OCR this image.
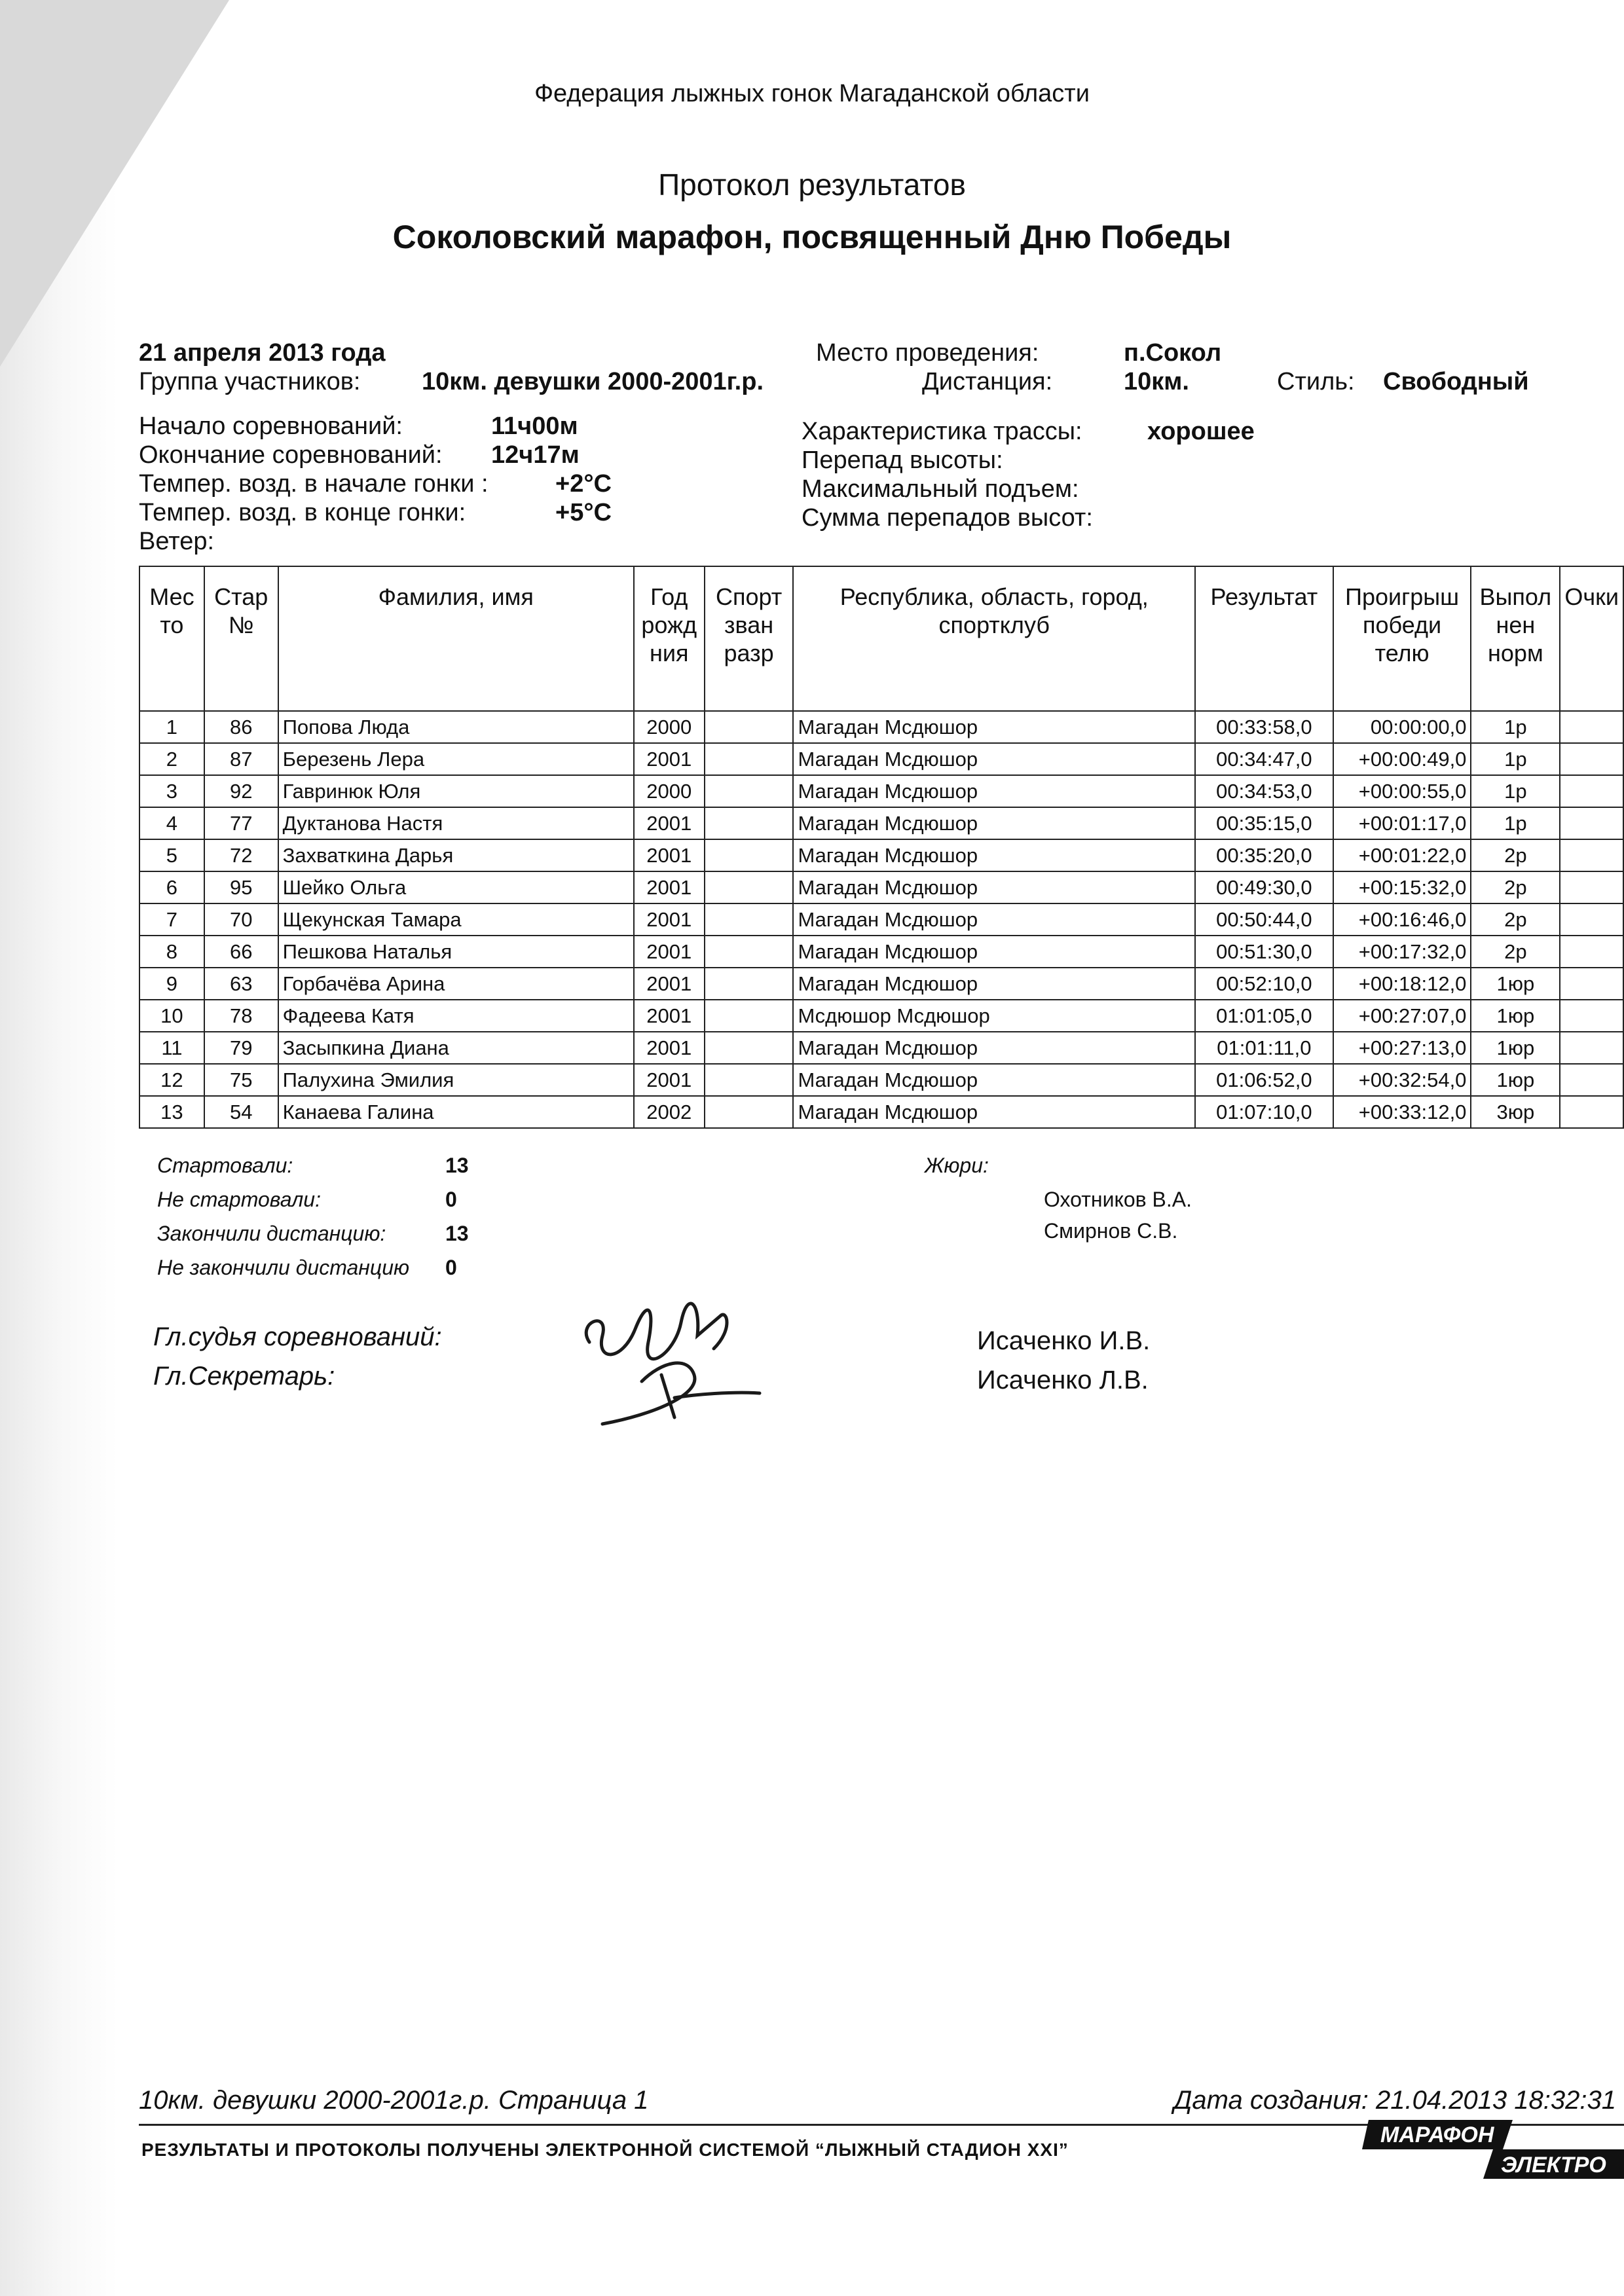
Федерация лыжных гонок Магаданской области
Протокол результатов
Соколовский марафон, посвященный Дню Победы
21 апреля 2013 года	Место проведения:	п.Сокол
Группа участников: 10км. девушки 2000-2001г.р.	Дистанция:	10км.	Стиль: Свободный
Начало соревнований:	11ч00м
Окончание соревнований: 12ч17м
Темпер. возд. в начале гонки :	+2°С
Темпер. возд. в конце гонки:	+5°С
Ветер:
Характеристика трассы:	хорошее
Перепад высоты:
Максимальный подъем:
Сумма перепадов высот:
Мес то	Стар №	Фамилия, имя	Год рожд ния	Спорт зван разр	Республика, область, город, спортклуб	Результат	Проигрыш победи телю	Выпол нен норм	Очки
1	86	Попова Люда	2000		Магадан Мсдюшор	00:33:58,0	00:00:00,0	1р	
2	87	Березень Лера	2001		Магадан Мсдюшор	00:34:47,0	+00:00:49,0	1р	
3	92	Гавринюк Юля	2000		Магадан Мсдюшор	00:34:53,0	+00:00:55,0	1р	
4	77	Дуктанова Настя	2001		Магадан Мсдюшор	00:35:15,0	+00:01:17,0	1р	
5	72	Захваткина Дарья	2001		Магадан Мсдюшор	00:35:20,0	+00:01:22,0	2р	
6	95	Шейко Ольга	2001		Магадан Мсдюшор	00:49:30,0	+00:15:32,0	2р	
7	70	Щекунская Тамара	2001		Магадан Мсдюшор	00:50:44,0	+00:16:46,0	2р	
8	66	Пешкова Наталья	2001		Магадан Мсдюшор	00:51:30,0	+00:17:32,0	2р	
9	63	Горбачёва Арина	2001		Магадан Мсдюшор	00:52:10,0	+00:18:12,0	1юр	
10	78	Фадеева Катя	2001		Мсдюшор Мсдюшор	01:01:05,0	+00:27:07,0	1юр	
11	79	Засыпкина Диана	2001		Магадан Мсдюшор	01:01:11,0	+00:27:13,0	1юр	
12	75	Палухина Эмилия	2001		Магадан Мсдюшор	01:06:52,0	+00:32:54,0	1юр	
13	54	Канаева Галина	2002		Магадан Мсдюшор	01:07:10,0	+00:33:12,0	3юр	
Стартовали:	13
Не стартовали:	0
Закончили дистанцию:	13
Не закончили дистанцию 0
Жюри:
Охотников В.А.
Смирнов С.В.
Гл.судья соревнований:	Исаченко И.В.
Гл.Секретарь:	Исаченко Л.В.
10км. девушки 2000-2001г.р. Страница 1	Дата создания: 21.04.2013 18:32:31
РЕЗУЛЬТАТЫ И ПРОТОКОЛЫ ПОЛУЧЕНЫ ЭЛЕКТРОННОЙ СИСТЕМОЙ “ЛЫЖНЫЙ СТАДИОН XXI”
МАРАФОН
ЭЛЕКТРО
